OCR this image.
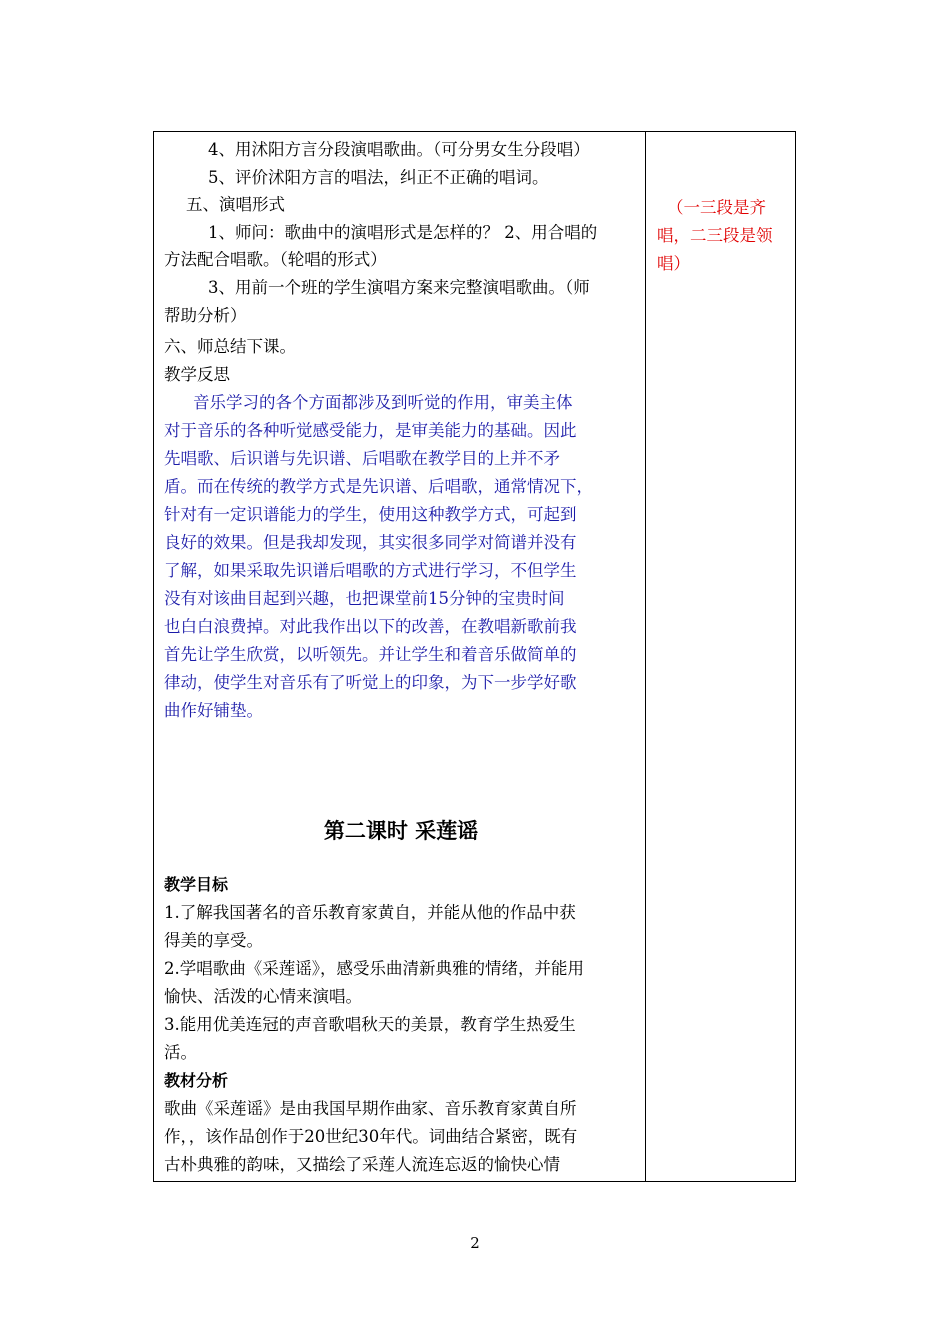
4、用沭阳方言分段演唱歌曲。（可分男女生分段唱）
5、评价沭阳方言的唱法，纠正不正确的唱词。
五、演唱形式
1、师问：歌曲中的演唱形式是怎样的？ 2、用合唱的
方法配合唱歌。（轮唱的形式）
3、用前一个班的学生演唱方案来完整演唱歌曲。（师
帮助分析）
六、师总结下课。
教学反思
音乐学习的各个方面都涉及到听觉的作用，审美主体
对于音乐的各种听觉感受能力，是审美能力的基础。因此
先唱歌、后识谱与先识谱、后唱歌在教学目的上并不矛
盾。而在传统的教学方式是先识谱、后唱歌，通常情况下，
针对有一定识谱能力的学生，使用这种教学方式，可起到
良好的效果。但是我却发现，其实很多同学对简谱并没有
了解，如果采取先识谱后唱歌的方式进行学习，不但学生
没有对该曲目起到兴趣，也把课堂前15分钟的宝贵时间
也白白浪费掉。对此我作出以下的改善，在教唱新歌前我
首先让学生欣赏，以听领先。并让学生和着音乐做简单的
律动，使学生对音乐有了听觉上的印象，为下一步学好歌
曲作好铺垫。
第二课时 采莲谣
教学目标
1.了解我国著名的音乐教育家黄自，并能从他的作品中获
得美的享受。
2.学唱歌曲《采莲谣》，感受乐曲清新典雅的情绪，并能用
愉快、活泼的心情来演唱。
3.能用优美连冠的声音歌唱秋天的美景，教育学生热爱生
活。
教材分析
歌曲《采莲谣》是由我国早期作曲家、音乐教育家黄自所
作，，该作品创作于20世纪30年代。词曲结合紧密，既有
古朴典雅的韵味，又描绘了采莲人流连忘返的愉快心情
（一三段是齐
唱，二三段是领
唱）
2
